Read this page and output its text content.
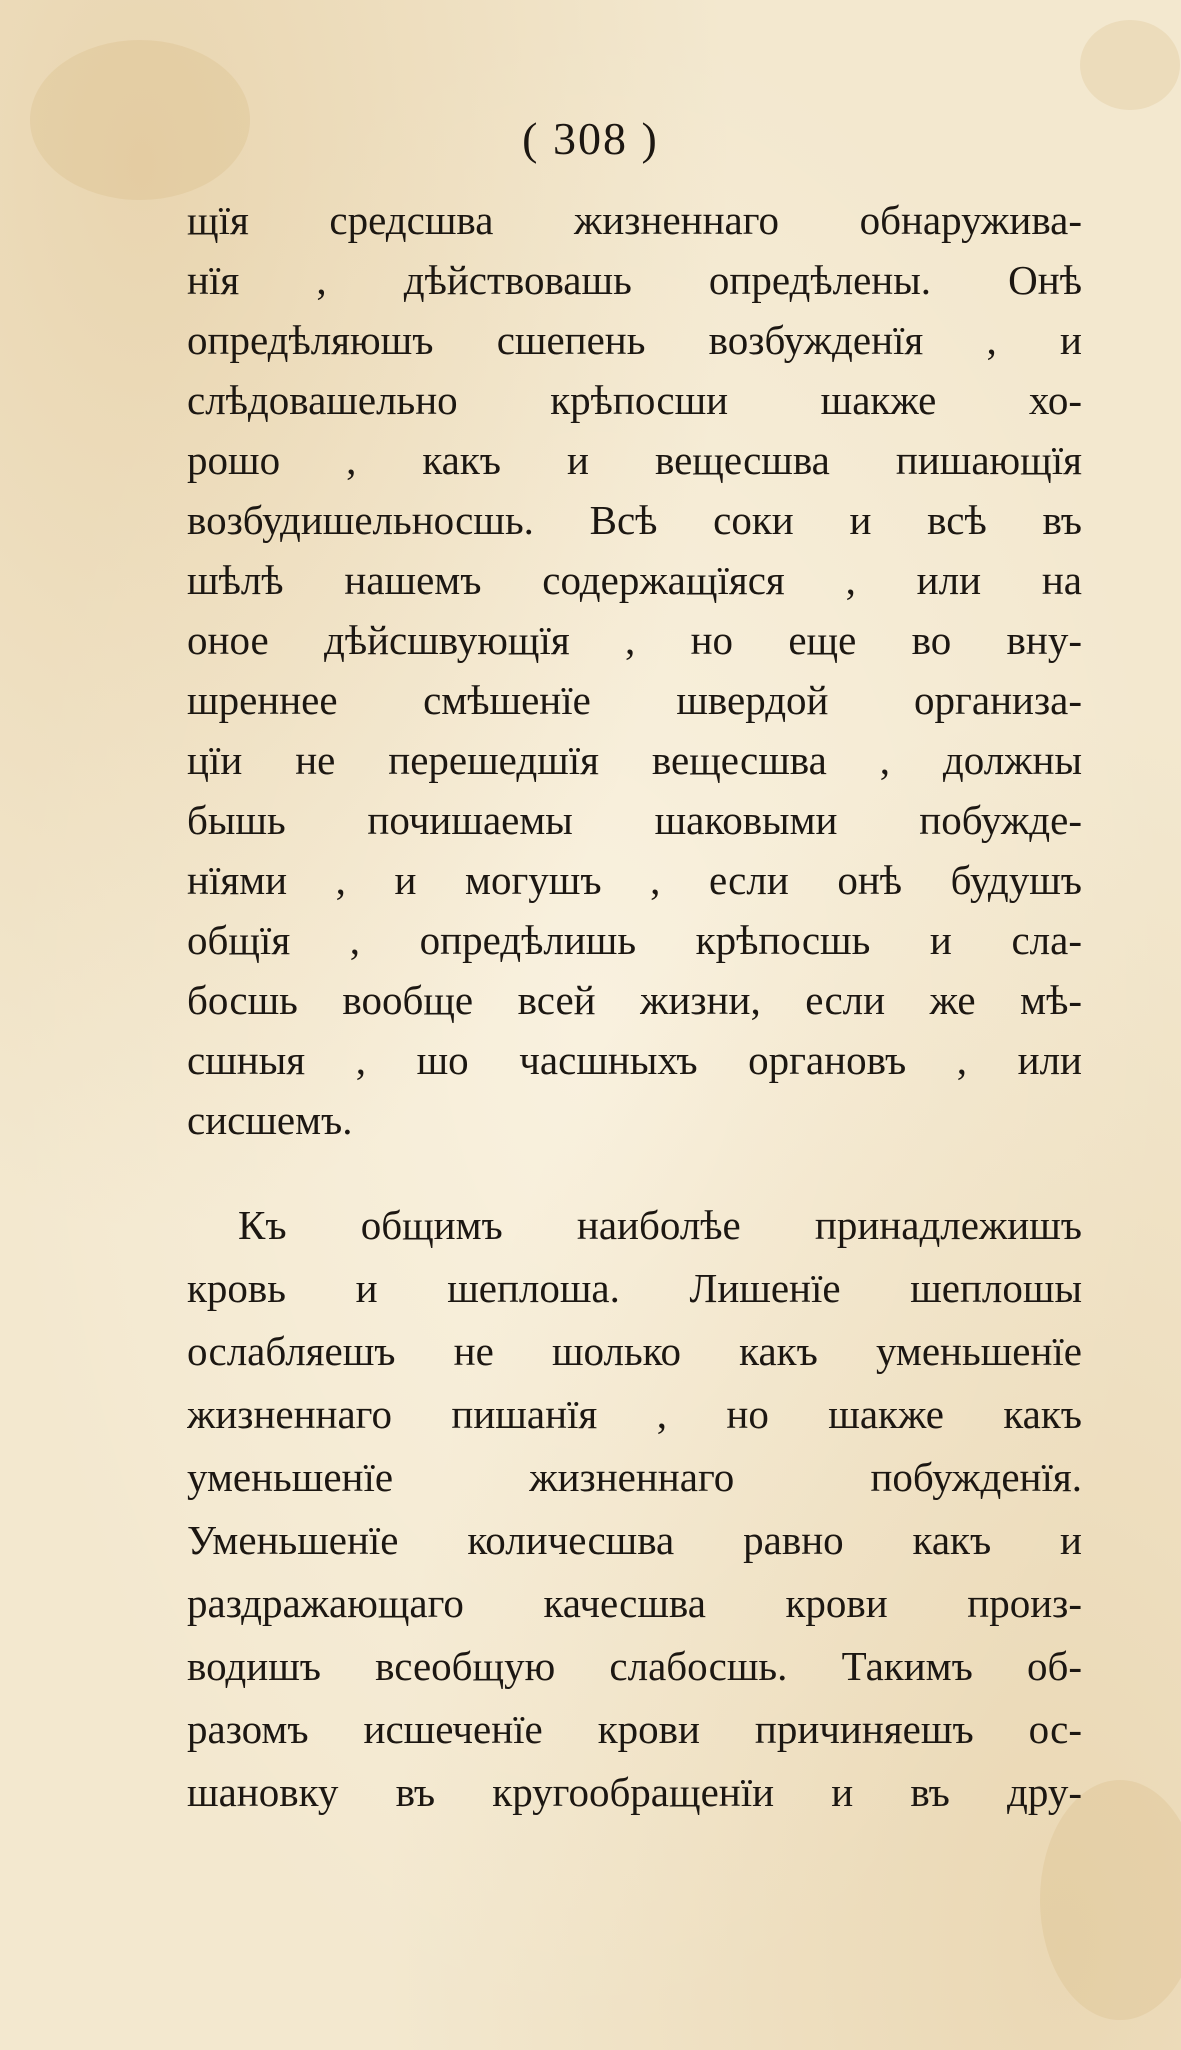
( 308 )
щїя средсшва жизненнаго обнаружива-
нїя , дѣйствовашь опредѣлены. Онѣ
опредѣляюшъ сшепень возбужденїя , и
слѣдовашельно крѣпосши шакже хо-
рошо , какъ и вещесшва пишающїя
возбудишельносшь. Всѣ соки и всѣ въ
шѣлѣ нашемъ содержащїяся , или на
оное дѣйсшвующїя , но еще во вну-
шреннее смѣшенїе швердой организа-
цїи не перешедшїя вещесшва , должны
бышь почишаемы шаковыми побужде-
нїями , и могушъ , если онѣ будушъ
общїя , опредѣлишь крѣпосшь и сла-
босшь вообще всей жизни, если же мѣ-
сшныя , шо часшныхъ органовъ , или
сисшемъ.
Къ общимъ наиболѣе принадлежишъ
кровь и шеплоша. Лишенїе шеплошы
ослабляешъ не шолько какъ уменьшенїе
жизненнаго пишанїя , но шакже какъ
уменьшенїе жизненнаго побужденїя.
Уменьшенїе количесшва равно какъ и
раздражающаго качесшва крови произ-
водишъ всеобщую слабосшь. Такимъ об-
разомъ исшеченїе крови причиняешъ ос-
шановку въ кругообращенїи и въ дру-
